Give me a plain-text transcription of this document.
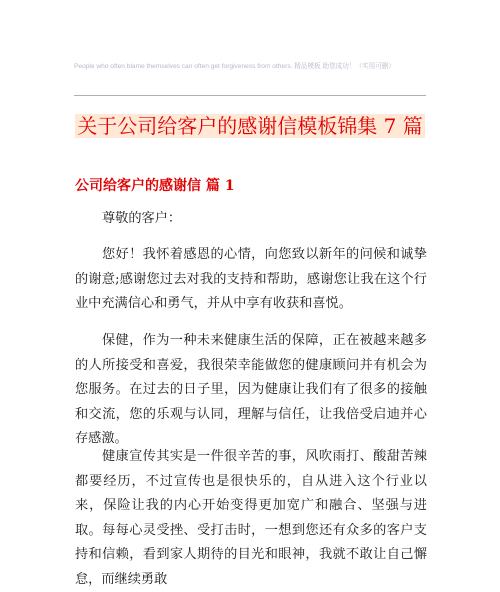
People who often blame themselves can often get forgiveness from others. 精品模板 助您成功！（实用可删）
关于公司给客户的感谢信模板锦集 7 篇
公司给客户的感谢信 篇 1
尊敬的客户：
您好！我怀着感恩的心情，向您致以新年的问候和诚挚的谢意;感谢您过去对我的支持和帮助，感谢您让我在这个行业中充满信心和勇气，并从中享有收获和喜悦。
保健，作为一种未来健康生活的保障，正在被越来越多的人所接受和喜爱，我很荣幸能做您的健康顾问并有机会为您服务。在过去的日子里，因为健康让我们有了很多的接触和交流，您的乐观与认同，理解与信任，让我倍受启迪并心存感激。
健康宣传其实是一件很辛苦的事，风吹雨打、酸甜苦辣都要经历，不过宣传也是很快乐的，自从进入这个行业以来，保险让我的内心开始变得更加宽广和融合、坚强与进取。每每心灵受挫、受打击时，一想到您还有众多的客户支持和信赖，看到家人期待的目光和眼神，我就不敢让自己懈怠，而继续勇敢
